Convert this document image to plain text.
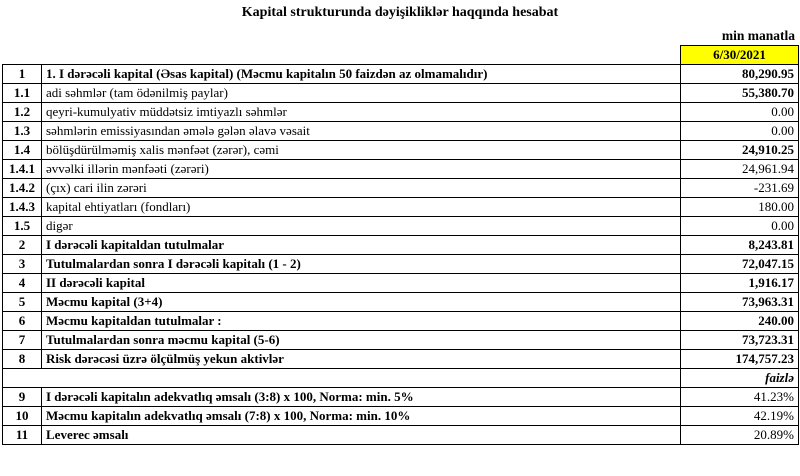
Kapital strukturunda dəyişikliklər haqqında hesabat
min manatla
		6/30/2021
1	1. I dərəcəli kapital (Əsas kapital) (Məcmu kapitalın 50 faizdən az olmamalıdır)	80,290.95
1.1	adi səhmlər (tam ödənilmiş paylar)	55,380.70
1.2	qeyri-kumulyativ müddətsiz imtiyazlı səhmlər	0.00
1.3	səhmlərin emissiyasından əmələ gələn əlavə vəsait	0.00
1.4	bölüşdürülməmiş xalis mənfəət (zərər), cəmi	24,910.25
1.4.1	əvvəlki illərin mənfəəti (zərəri)	24,961.94
1.4.2	(çıx) cari ilin zərəri	-231.69
1.4.3	kapital ehtiyatları (fondları)	180.00
1.5	digər	0.00
2	I dərəcəli kapitaldan tutulmalar	8,243.81
3	Tutulmalardan sonra I dərəcəli kapitalı (1 - 2)	72,047.15
4	II dərəcəli kapital	1,916.17
5	Məcmu kapital (3+4)	73,963.31
6	Məcmu kapitaldan tutulmalar :	240.00
7	Tutulmalardan sonra məcmu kapital (5-6)	73,723.31
8	Risk dərəcəsi üzrə ölçülmüş yekun aktivlər	174,757.23
		faizlə
9	I dərəcəli kapitalın adekvatlıq əmsalı (3:8) x 100, Norma: min. 5%	41.23%
10	Məcmu kapitalın adekvatlıq əmsalı (7:8) x 100, Norma: min. 10%	42.19%
11	Leverec əmsalı	20.89%
